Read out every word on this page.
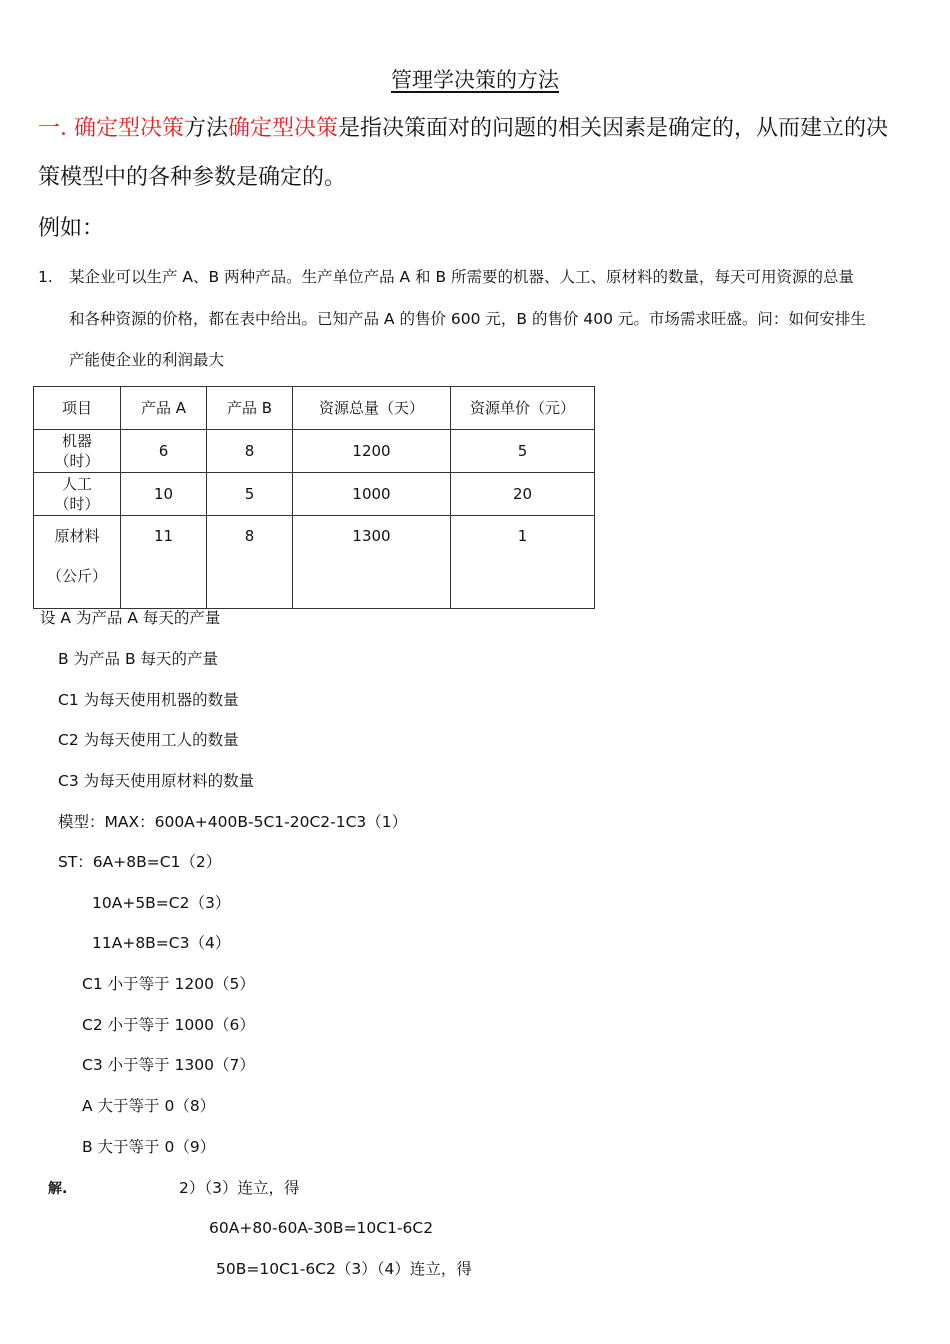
管理学决策的方法
一. 确定型决策方法确定型决策是指决策面对的问题的相关因素是确定的，从而建立的决
策模型中的各种参数是确定的。
例如：
1. 某企业可以生产 A、B 两种产品。生产单位产品 A 和 B 所需要的机器、人工、原材料的数量，每天可用资源的总量
和各种资源的价格，都在表中给出。已知产品 A 的售价 600 元，B 的售价 400 元。市场需求旺盛。问：如何安排生
产能使企业的利润最大
项目	产品 A	产品 B	资源总量（天）	资源单价（元）

机器
（时）	6	8	1200	5

人工
（时）	10	5	1000	20

原材料
（公斤）	11	8	1300	1
设 A 为产品 A 每天的产量
B 为产品 B 每天的产量
C1 为每天使用机器的数量
C2 为每天使用工人的数量
C3 为每天使用原材料的数量
模型：MAX：600A+400B-5C1-20C2-1C3（1）
ST：6A+8B=C1（2）
10A+5B=C2（3）
11A+8B=C3（4）
C1 小于等于 1200（5）
C2 小于等于 1000（6）
C3 小于等于 1300（7）
A 大于等于 0（8）
B 大于等于 0（9）
解.	2）（3）连立，得
60A+80-60A-30B=10C1-6C2
50B=10C1-6C2（3）（4）连立，得
